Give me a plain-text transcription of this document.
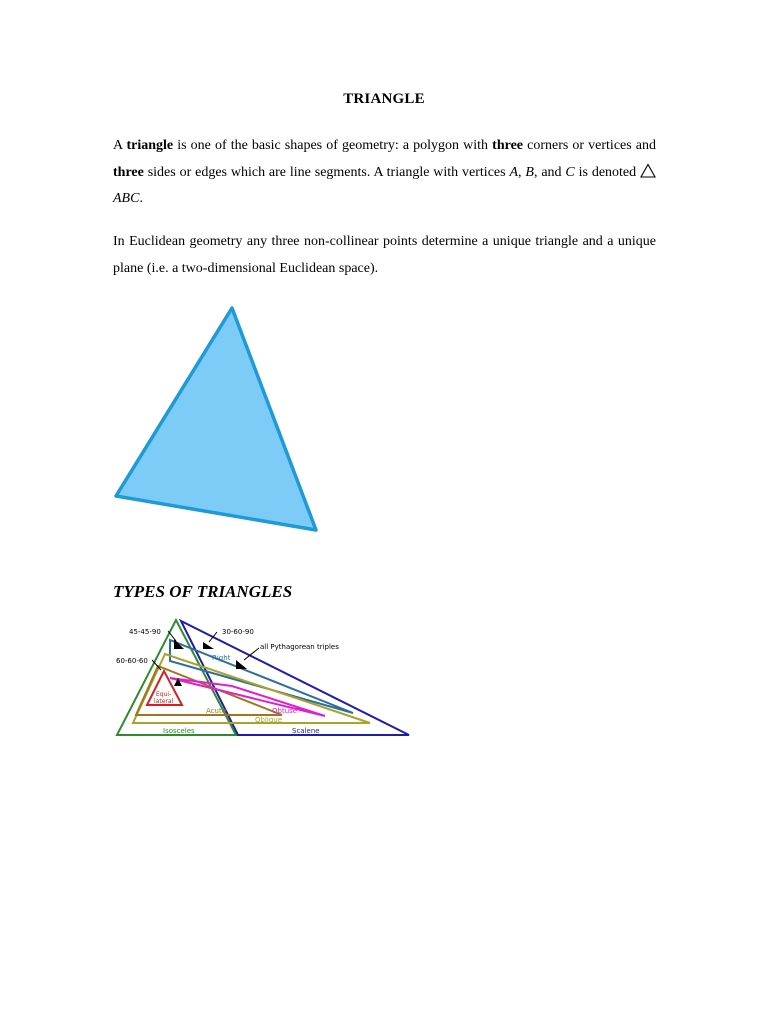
TRIANGLE

A triangle is one of the basic shapes of geometry: a polygon with three corners or vertices and three sides or edges which are line segments. A triangle with vertices A, B, and C is denoted ABC.

In Euclidean geometry any three non-collinear points determine a unique triangle and a unique plane (i.e. a two-dimensional Euclidean space).

TYPES OF TRIANGLES
45-45-90	30-60-90
60-60-60
all Pythagorean triples
Right
Equi-
lateral
Acute	Obtuse
Oblique
Isosceles	Scalene
